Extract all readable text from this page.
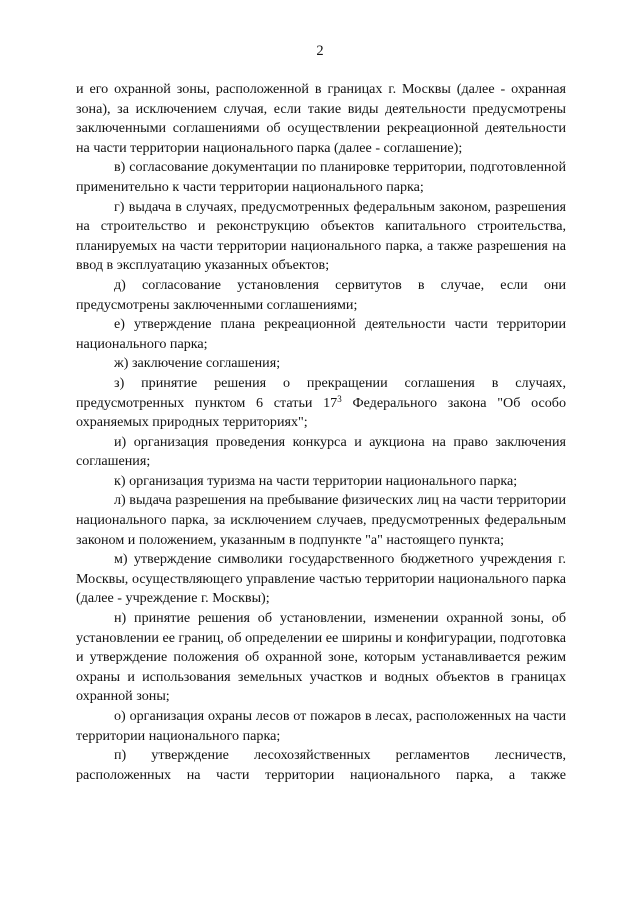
2

и его охранной зоны, расположенной в границах г. Москвы (далее - охранная зона), за исключением случая, если такие виды деятельности предусмотрены заключенными соглашениями об осуществлении рекреационной деятельности на части территории национального парка (далее - соглашение);

в) согласование документации по планировке территории, подготовленной применительно к части территории национального парка;

г) выдача в случаях, предусмотренных федеральным законом, разрешения на строительство и реконструкцию объектов капитального строительства, планируемых на части территории национального парка, а также разрешения на ввод в эксплуатацию указанных объектов;

д) согласование установления сервитутов в случае, если они предусмотрены заключенными соглашениями;

е) утверждение плана рекреационной деятельности части территории национального парка;

ж) заключение соглашения;

з) принятие решения о прекращении соглашения в случаях, предусмотренных пунктом 6 статьи $17^3$ Федерального закона "Об особо охраняемых природных территориях";

и) организация проведения конкурса и аукциона на право заключения соглашения;

к) организация туризма на части территории национального парка;

л) выдача разрешения на пребывание физических лиц на части территории национального парка, за исключением случаев, предусмотренных федеральным законом и положением, указанным в подпункте "а" настоящего пункта;

м) утверждение символики государственного бюджетного учреждения г. Москвы, осуществляющего управление частью территории национального парка (далее - учреждение г. Москвы);

н) принятие решения об установлении, изменении охранной зоны, об установлении ее границ, об определении ее ширины и конфигурации, подготовка и утверждение положения об охранной зоне, которым устанавливается режим охраны и использования земельных участков и водных объектов в границах охранной зоны;

о) организация охраны лесов от пожаров в лесах, расположенных на части территории национального парка;

п) утверждение лесохозяйственных регламентов лесничеств, расположенных на части территории национального парка, а также
